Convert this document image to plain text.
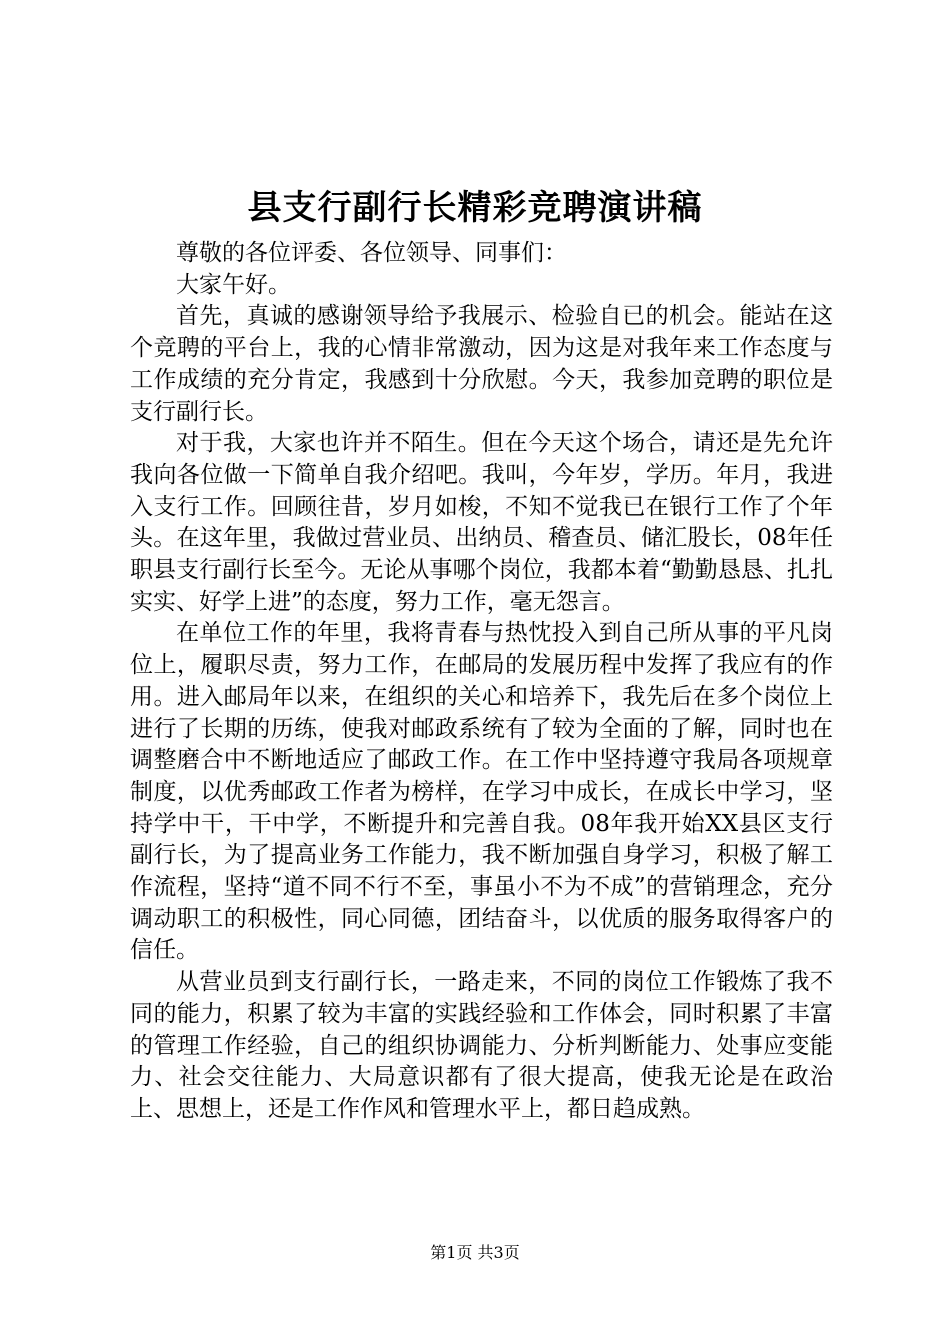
县支行副行长精彩竞聘演讲稿

尊敬的各位评委、各位领导、同事们：

大家午好。

首先，真诚的感谢领导给予我展示、检验自已的机会。能站在这个竞聘的平台上，我的心情非常激动，因为这是对我年来工作态度与工作成绩的充分肯定，我感到十分欣慰。今天，我参加竞聘的职位是支行副行长。

对于我，大家也许并不陌生。但在今天这个场合，请还是先允许我向各位做一下简单自我介绍吧。我叫，今年岁，学历。年月，我进入支行工作。回顾往昔，岁月如梭，不知不觉我已在银行工作了个年头。在这年里，我做过营业员、出纳员、稽查员、储汇股长，08年任职县支行副行长至今。无论从事哪个岗位，我都本着“勤勤恳恳、扎扎实实、好学上进”的态度，努力工作，毫无怨言。

在单位工作的年里，我将青春与热忱投入到自己所从事的平凡岗位上，履职尽责，努力工作，在邮局的发展历程中发挥了我应有的作用。进入邮局年以来，在组织的关心和培养下，我先后在多个岗位上进行了长期的历练，使我对邮政系统有了较为全面的了解，同时也在调整磨合中不断地适应了邮政工作。在工作中坚持遵守我局各项规章制度，以优秀邮政工作者为榜样，在学习中成长，在成长中学习，坚持学中干，干中学，不断提升和完善自我。08年我开始XX县区支行副行长，为了提高业务工作能力，我不断加强自身学习，积极了解工作流程，坚持“道不同不行不至，事虽小不为不成”的营销理念，充分调动职工的积极性，同心同德，团结奋斗，以优质的服务取得客户的信任。

从营业员到支行副行长，一路走来，不同的岗位工作锻炼了我不同的能力，积累了较为丰富的实践经验和工作体会，同时积累了丰富的管理工作经验，自己的组织协调能力、分析判断能力、处事应变能力、社会交往能力、大局意识都有了很大提高，使我无论是在政治上、思想上，还是工作作风和管理水平上，都日趋成熟。

第1页 共3页
